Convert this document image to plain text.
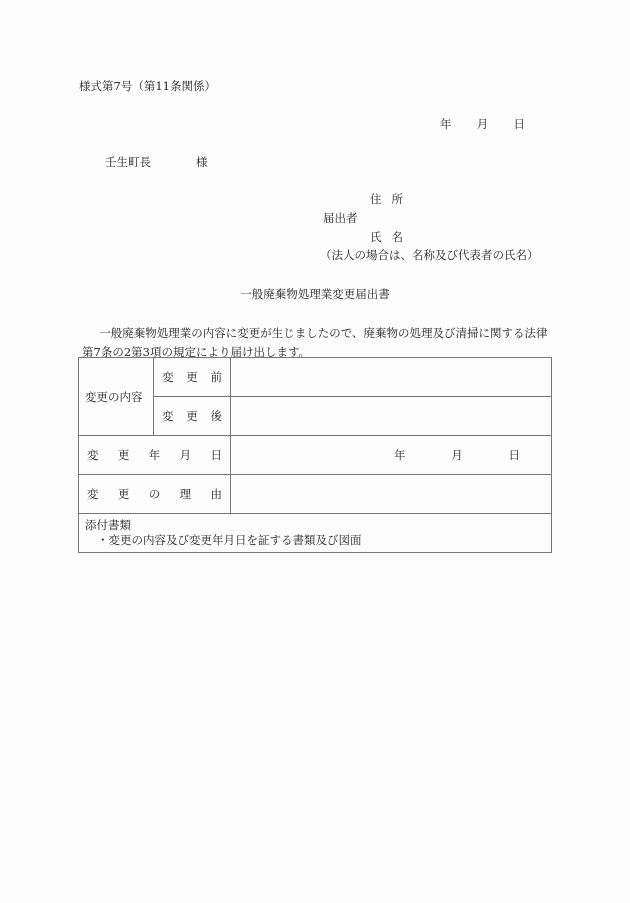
様式第7号（第11条関係）
年 月 日
壬生町長	様
住所
届出者
氏名
（法人の場合は、名称及び代表者の氏名）
一般廃棄物処理業変更届出書
一般廃棄物処理業の内容に変更が生じましたので、廃棄物の処理及び清掃に関する法律第7条の2第3項の規定により届け出します。
変更の内容	変 更 前	

	変 更 後	

変 更 年 月 日		年 月 日

変 更 の 理 由		

添付書類
・変更の内容及び変更年月日を証する書類及び図面		
